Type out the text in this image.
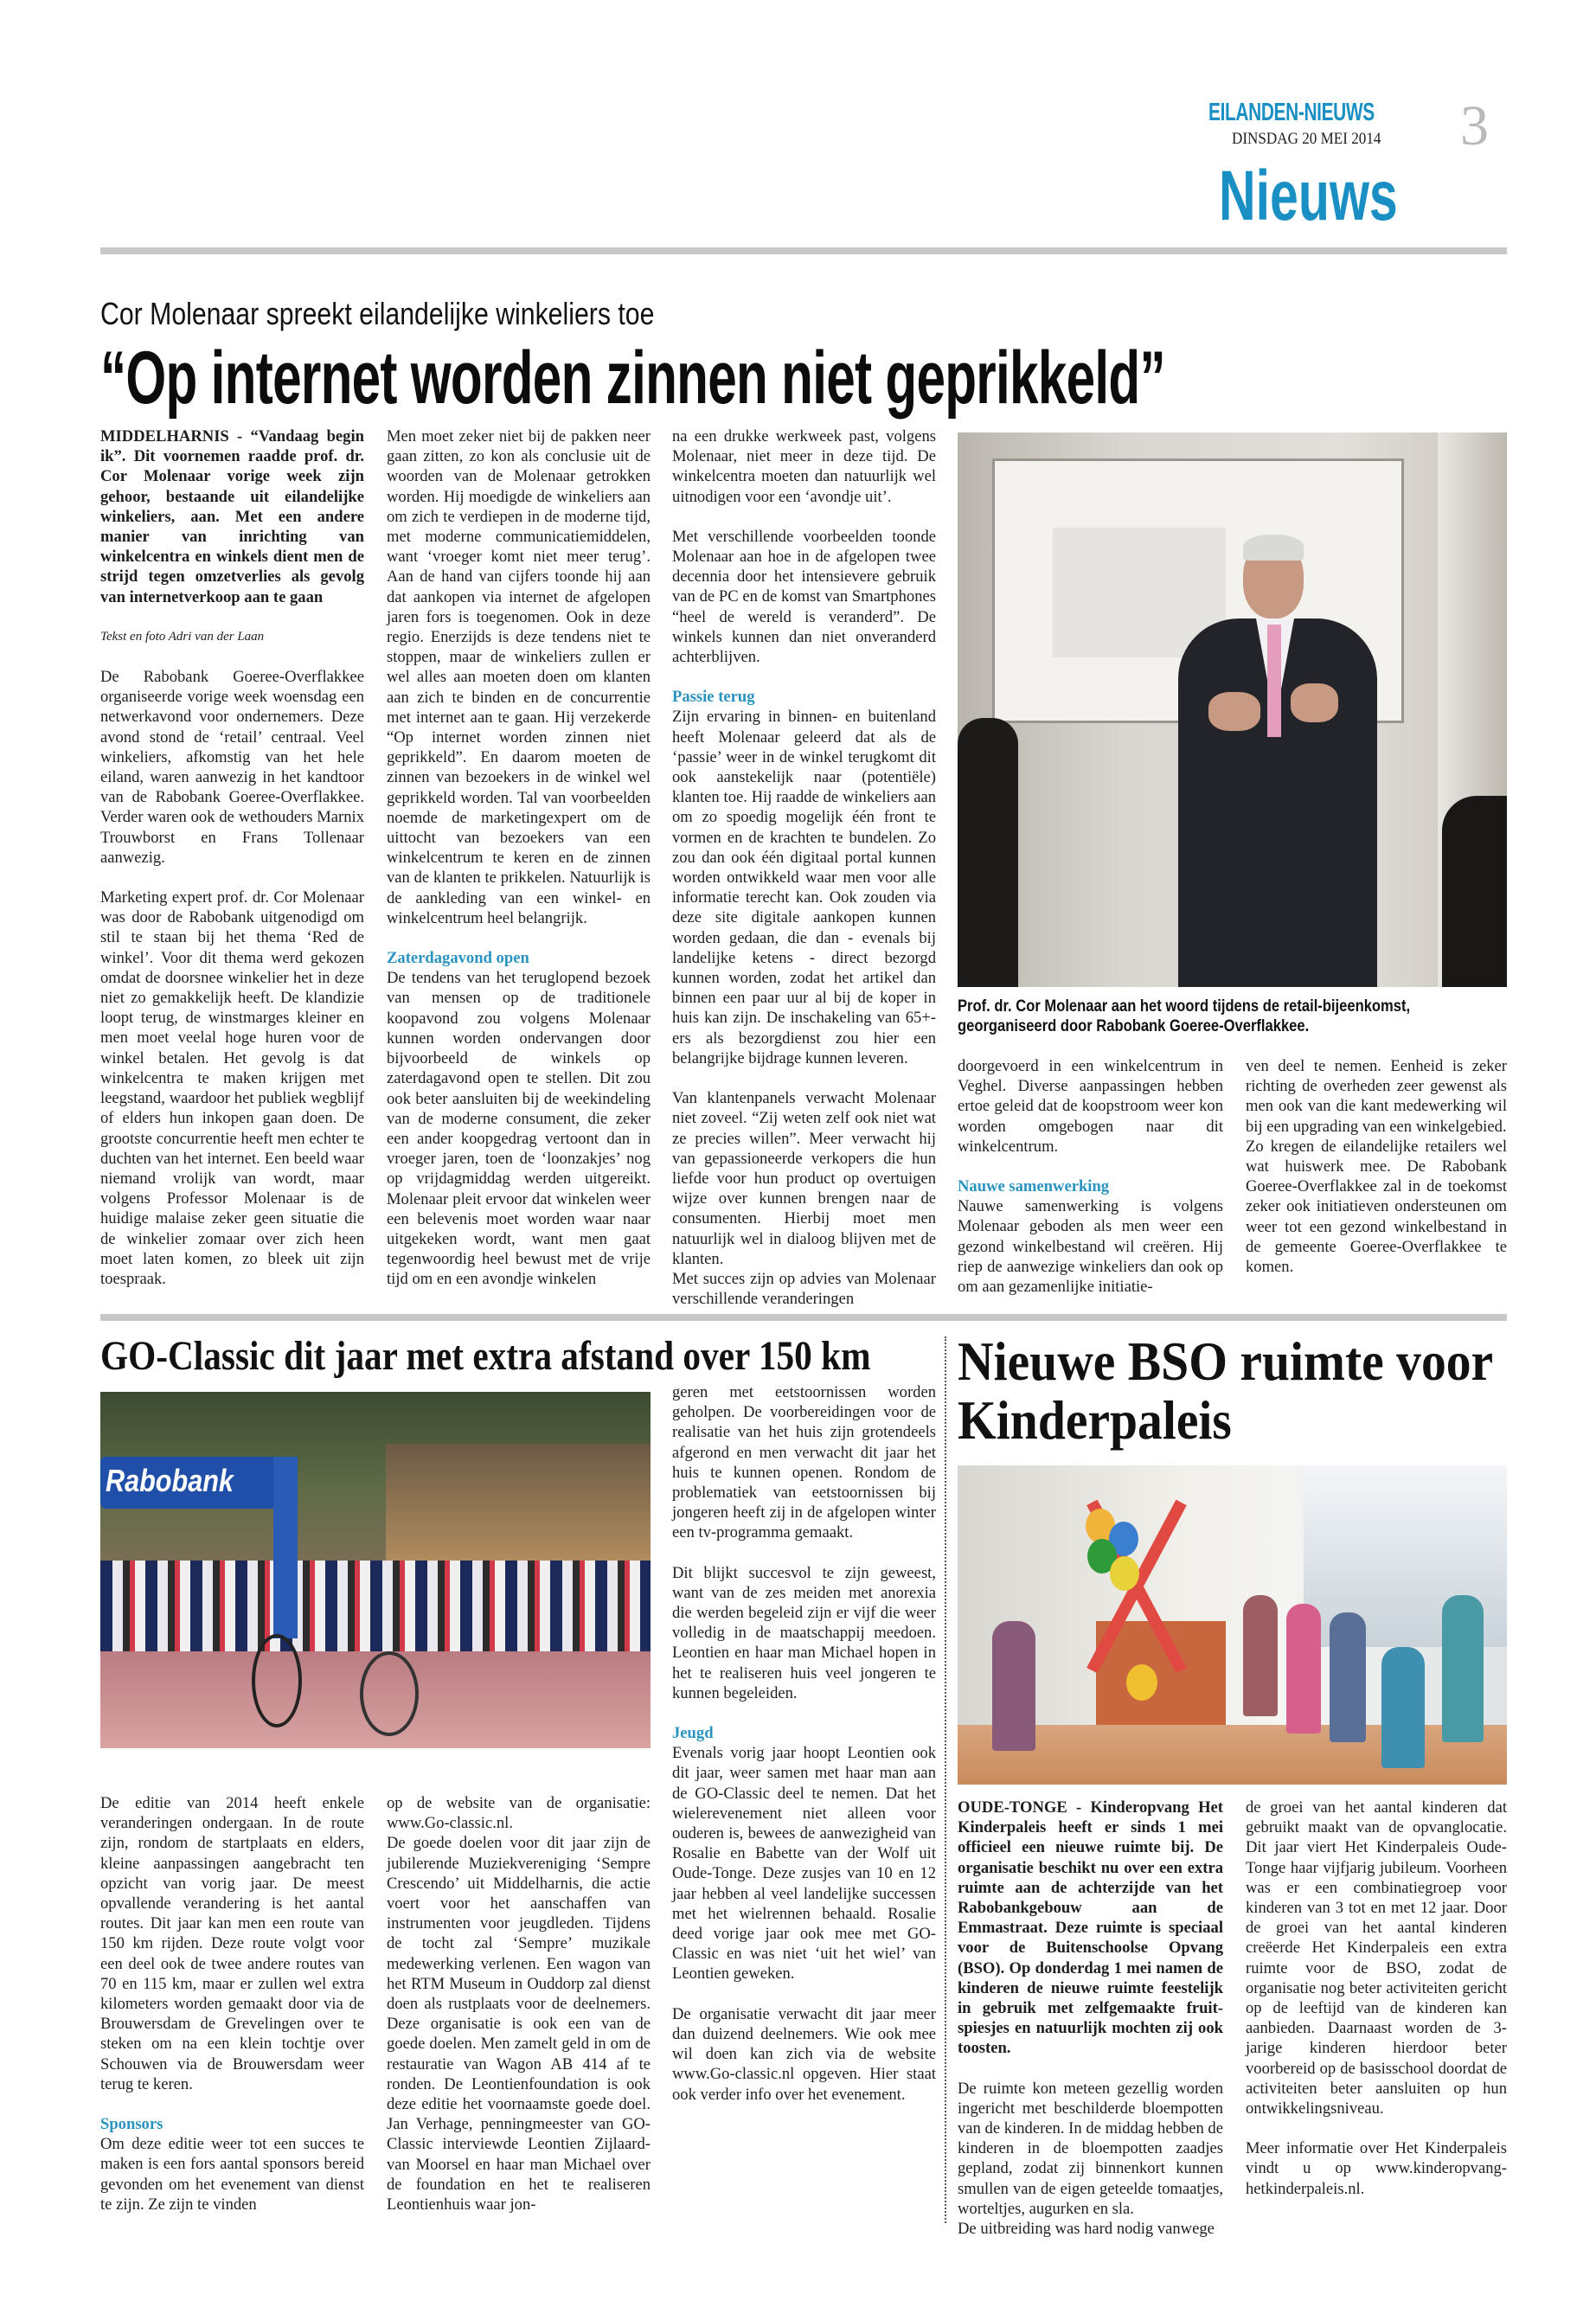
EILANDEN-NIEUWS
DINSDAG 20 MEI 2014 3
Nieuws
Cor Molenaar spreekt eilandelijke winkeliers toe
“Op internet worden zinnen niet geprikkeld”

MIDDELHARNIS - “Vandaag begin ik”. Dit voornemen raadde prof. dr. Cor Molenaar vorige week zijn gehoor, bestaande uit eilandelijke winkeliers, aan. Met een andere manier van inrichting van winkelcentra en winkels dient men de strijd tegen omzetverlies als gevolg van internetverkoop aan te gaan

Tekst en foto Adri van der Laan

De Rabobank Goeree-Overflakkee organiseerde vorige week woensdag een netwerkavond voor ondernemers. Deze avond stond de ‘retail’ centraal. Veel winkeliers, afkomstig van het hele eiland, waren aanwezig in het kandtoor van de Rabobank Goeree-Overflakkee. Verder waren ook de wethouders Marnix Trouwborst en Frans Tollenaar aanwezig.

Marketing expert prof. dr. Cor Molenaar was door de Rabobank uitgenodigd om stil te staan bij het thema ‘Red de winkel’. Voor dit thema werd gekozen omdat de doorsnee winkelier het in deze niet zo gemakkelijk heeft. De klandizie loopt terug, de winstmarges kleiner en men moet veelal hoge huren voor de winkel betalen. Het gevolg is dat winkelcentra te maken krijgen met leegstand, waardoor het publiek wegblijf of elders hun inkopen gaan doen. De grootste concurrentie heeft men echter te duchten van het internet. Een beeld waar niemand vrolijk van wordt, maar volgens Professor Molenaar is de huidige malaise zeker geen situatie die de winkelier zomaar over zich heen moet laten komen, zo bleek uit zijn toespraak.

Men moet zeker niet bij de pakken neer gaan zitten, zo kon als conclusie uit de woorden van de Molenaar getrokken worden. Hij moedigde de winkeliers aan om zich te verdiepen in de moderne tijd, met moderne communicatiemiddelen, want ‘vroeger komt niet meer terug’. Aan de hand van cijfers toonde hij aan dat aankopen via internet de afgelopen jaren fors is toegenomen. Ook in deze regio. Enerzijds is deze tendens niet te stoppen, maar de winkeliers zullen er wel alles aan moeten doen om klanten aan zich te binden en de concurrentie met internet aan te gaan. Hij verzekerde “Op internet worden zinnen niet geprikkeld”. En daarom moeten de zinnen van bezoekers in de winkel wel geprikkeld worden. Tal van voorbeelden noemde de marketingexpert om de uittocht van bezoekers van een winkelcentrum te keren en de zinnen van de klanten te prikkelen. Natuurlijk is de aankleding van een winkel- en winkelcentrum heel belangrijk.

Zaterdagavond open

De tendens van het teruglopend bezoek van mensen op de traditionele koopavond zou volgens Molenaar kunnen worden ondervangen door bijvoorbeeld de winkels op zaterdagavond open te stellen. Dit zou ook beter aansluiten bij de weekindeling van de moderne consument, die zeker een ander koopgedrag vertoont dan in vroeger jaren, toen de ‘loonzakjes’ nog op vrijdagmiddag werden uitgereikt. Molenaar pleit ervoor dat winkelen weer een belevenis moet worden waar naar uitgekeken wordt, want men gaat tegenwoordig heel bewust met de vrije tijd om en een avondje winkelen

na een drukke werkweek past, volgens Molenaar, niet meer in deze tijd. De winkelcentra moeten dan natuurlijk wel uitnodigen voor een ‘avondje uit’.

Met verschillende voorbeelden toonde Molenaar aan hoe in de afgelopen twee decennia door het intensievere gebruik van de PC en de komst van Smartphones “heel de wereld is veranderd”. De winkels kunnen dan niet onveranderd achterblijven.

Passie terug

Zijn ervaring in binnen- en buitenland heeft Molenaar geleerd dat als de ‘passie’ weer in de winkel terugkomt dit ook aanstekelijk naar (potentiële) klanten toe. Hij raadde de winkeliers aan om zo spoedig mogelijk één front te vormen en de krachten te bundelen. Zo zou dan ook één digitaal portal kunnen worden ontwikkeld waar men voor alle informatie terecht kan. Ook zouden via deze site digitale aankopen kunnen worden gedaan, die dan - evenals bij landelijke ketens - direct bezorgd kunnen worden, zodat het artikel dan binnen een paar uur al bij de koper in huis kan zijn. De inschakeling van 65+-ers als bezorgdienst zou hier een belangrijke bijdrage kunnen leveren.

Van klantenpanels verwacht Molenaar niet zoveel. “Zij weten zelf ook niet wat ze precies willen”. Meer verwacht hij van gepassioneerde verkopers die hun liefde voor hun product op overtuigen wijze over kunnen brengen naar de consumenten. Hierbij moet men natuurlijk wel in dialoog blijven met de klanten.

Met succes zijn op advies van Molenaar verschillende veranderingen

Prof. dr. Cor Molenaar aan het woord tijdens de retail-bijeenkomst, georganiseerd door Rabobank Goeree-Overflakkee.

doorgevoerd in een winkelcentrum in Veghel. Diverse aanpassingen hebben ertoe geleid dat de koopstroom weer kon worden omgebogen naar dit winkelcentrum.

Nauwe samenwerking

Nauwe samenwerking is volgens Molenaar geboden als men weer een gezond winkelbestand wil creëren. Hij riep de aanwezige winkeliers dan ook op om aan gezamenlijke initiatie-

ven deel te nemen. Eenheid is zeker richting de overheden zeer gewenst als men ook van die kant medewerking wil bij een upgrading van een winkelgebied.

Zo kregen de eilandelijke retailers wel wat huiswerk mee. De Rabobank Goeree-Overflakkee zal in de toekomst zeker ook initiatieven ondersteunen om weer tot een gezond winkelbestand in de gemeente Goeree-Overflakkee te komen.

GO-Classic dit jaar met extra afstand over 150 km
Rabobank

De editie van 2014 heeft enkele veranderingen ondergaan. In de route zijn, rondom de startplaats en elders, kleine aanpassingen aangebracht ten opzicht van vorig jaar. De meest opvallende verandering is het aantal routes. Dit jaar kan men een route van 150 km rijden. Deze route volgt voor een deel ook de twee andere routes van 70 en 115 km, maar er zullen wel extra kilometers worden gemaakt door via de Brouwersdam de Grevelingen over te steken om na een klein tochtje over Schouwen via de Brouwersdam weer terug te keren.

Sponsors

Om deze editie weer tot een succes te maken is een fors aantal sponsors bereid gevonden om het evenement van dienst te zijn. Ze zijn te vinden

op de website van de organisatie: www.Go-classic.nl.

De goede doelen voor dit jaar zijn de jubilerende Muziekvereniging ‘Sempre Crescendo’ uit Middelharnis, die actie voert voor het aanschaffen van instrumenten voor jeugdleden. Tijdens de tocht zal ‘Sempre’ muzikale medewerking verlenen. Een wagon van het RTM Museum in Ouddorp zal dienst doen als rustplaats voor de deelnemers. Deze organisatie is ook een van de goede doelen. Men zamelt geld in om de restauratie van Wagon AB 414 af te ronden. De Leontienfoundation is ook deze editie het voornaamste goede doel. Jan Verhage, penningmeester van GO-Classic interviewde Leontien Zijlaard-van Moorsel en haar man Michael over de foundation en het te realiseren Leontienhuis waar jon-

geren met eetstoornissen worden geholpen. De voorbereidingen voor de realisatie van het huis zijn grotendeels afgerond en men verwacht dit jaar het huis te kunnen openen. Rondom de problematiek van eetstoornissen bij jongeren heeft zij in de afgelopen winter een tv-programma gemaakt.

Dit blijkt succesvol te zijn geweest, want van de zes meiden met anorexia die werden begeleid zijn er vijf die weer volledig in de maatschappij meedoen. Leontien en haar man Michael hopen in het te realiseren huis veel jongeren te kunnen begeleiden.

Jeugd

Evenals vorig jaar hoopt Leontien ook dit jaar, weer samen met haar man aan de GO-Classic deel te nemen. Dat het wielerevenement niet alleen voor ouderen is, bewees de aanwezigheid van Rosalie en Babette van der Wolf uit Oude-Tonge. Deze zusjes van 10 en 12 jaar hebben al veel landelijke successen met het wielrennen behaald. Rosalie deed vorige jaar ook mee met GO-Classic en was niet ‘uit het wiel’ van Leontien geweken.

De organisatie verwacht dit jaar meer dan duizend deelnemers. Wie ook mee wil doen kan zich via de website www.Go-classic.nl opgeven. Hier staat ook verder info over het evenement.

Nieuwe BSO ruimte voor Kinderpaleis

OUDE-TONGE - Kinderopvang Het Kinderpaleis heeft er sinds 1 mei officieel een nieuwe ruimte bij. De organisatie beschikt nu over een extra ruimte aan de achterzijde van het Rabobankgebouw aan de Emmastraat. Deze ruimte is speciaal voor de Buitenschoolse Opvang (BSO). Op donderdag 1 mei namen de kinderen de nieuwe ruimte feestelijk in gebruik met zelfgemaakte fruit-spiesjes en natuurlijk mochten zij ook toosten.

De ruimte kon meteen gezellig worden ingericht met beschilderde bloempotten van de kinderen. In de middag hebben de kinderen in de bloempotten zaadjes gepland, zodat zij binnenkort kunnen smullen van de eigen geteelde tomaatjes, worteltjes, augurken en sla.

De uitbreiding was hard nodig vanwege

de groei van het aantal kinderen dat gebruikt maakt van de opvanglocatie. Dit jaar viert Het Kinderpaleis Oude-Tonge haar vijfjarig jubileum. Voorheen was er een combinatiegroep voor kinderen van 3 tot en met 12 jaar. Door de groei van het aantal kinderen creëerde Het Kinderpaleis een extra ruimte voor de BSO, zodat de organisatie nog beter activiteiten gericht op de leeftijd van de kinderen kan aanbieden. Daarnaast worden de 3-jarige kinderen hierdoor beter voorbereid op de basisschool doordat de activiteiten beter aansluiten op hun ontwikkelingsniveau.

Meer informatie over Het Kinderpaleis vindt u op www.kinderopvang-hetkinderpaleis.nl.
